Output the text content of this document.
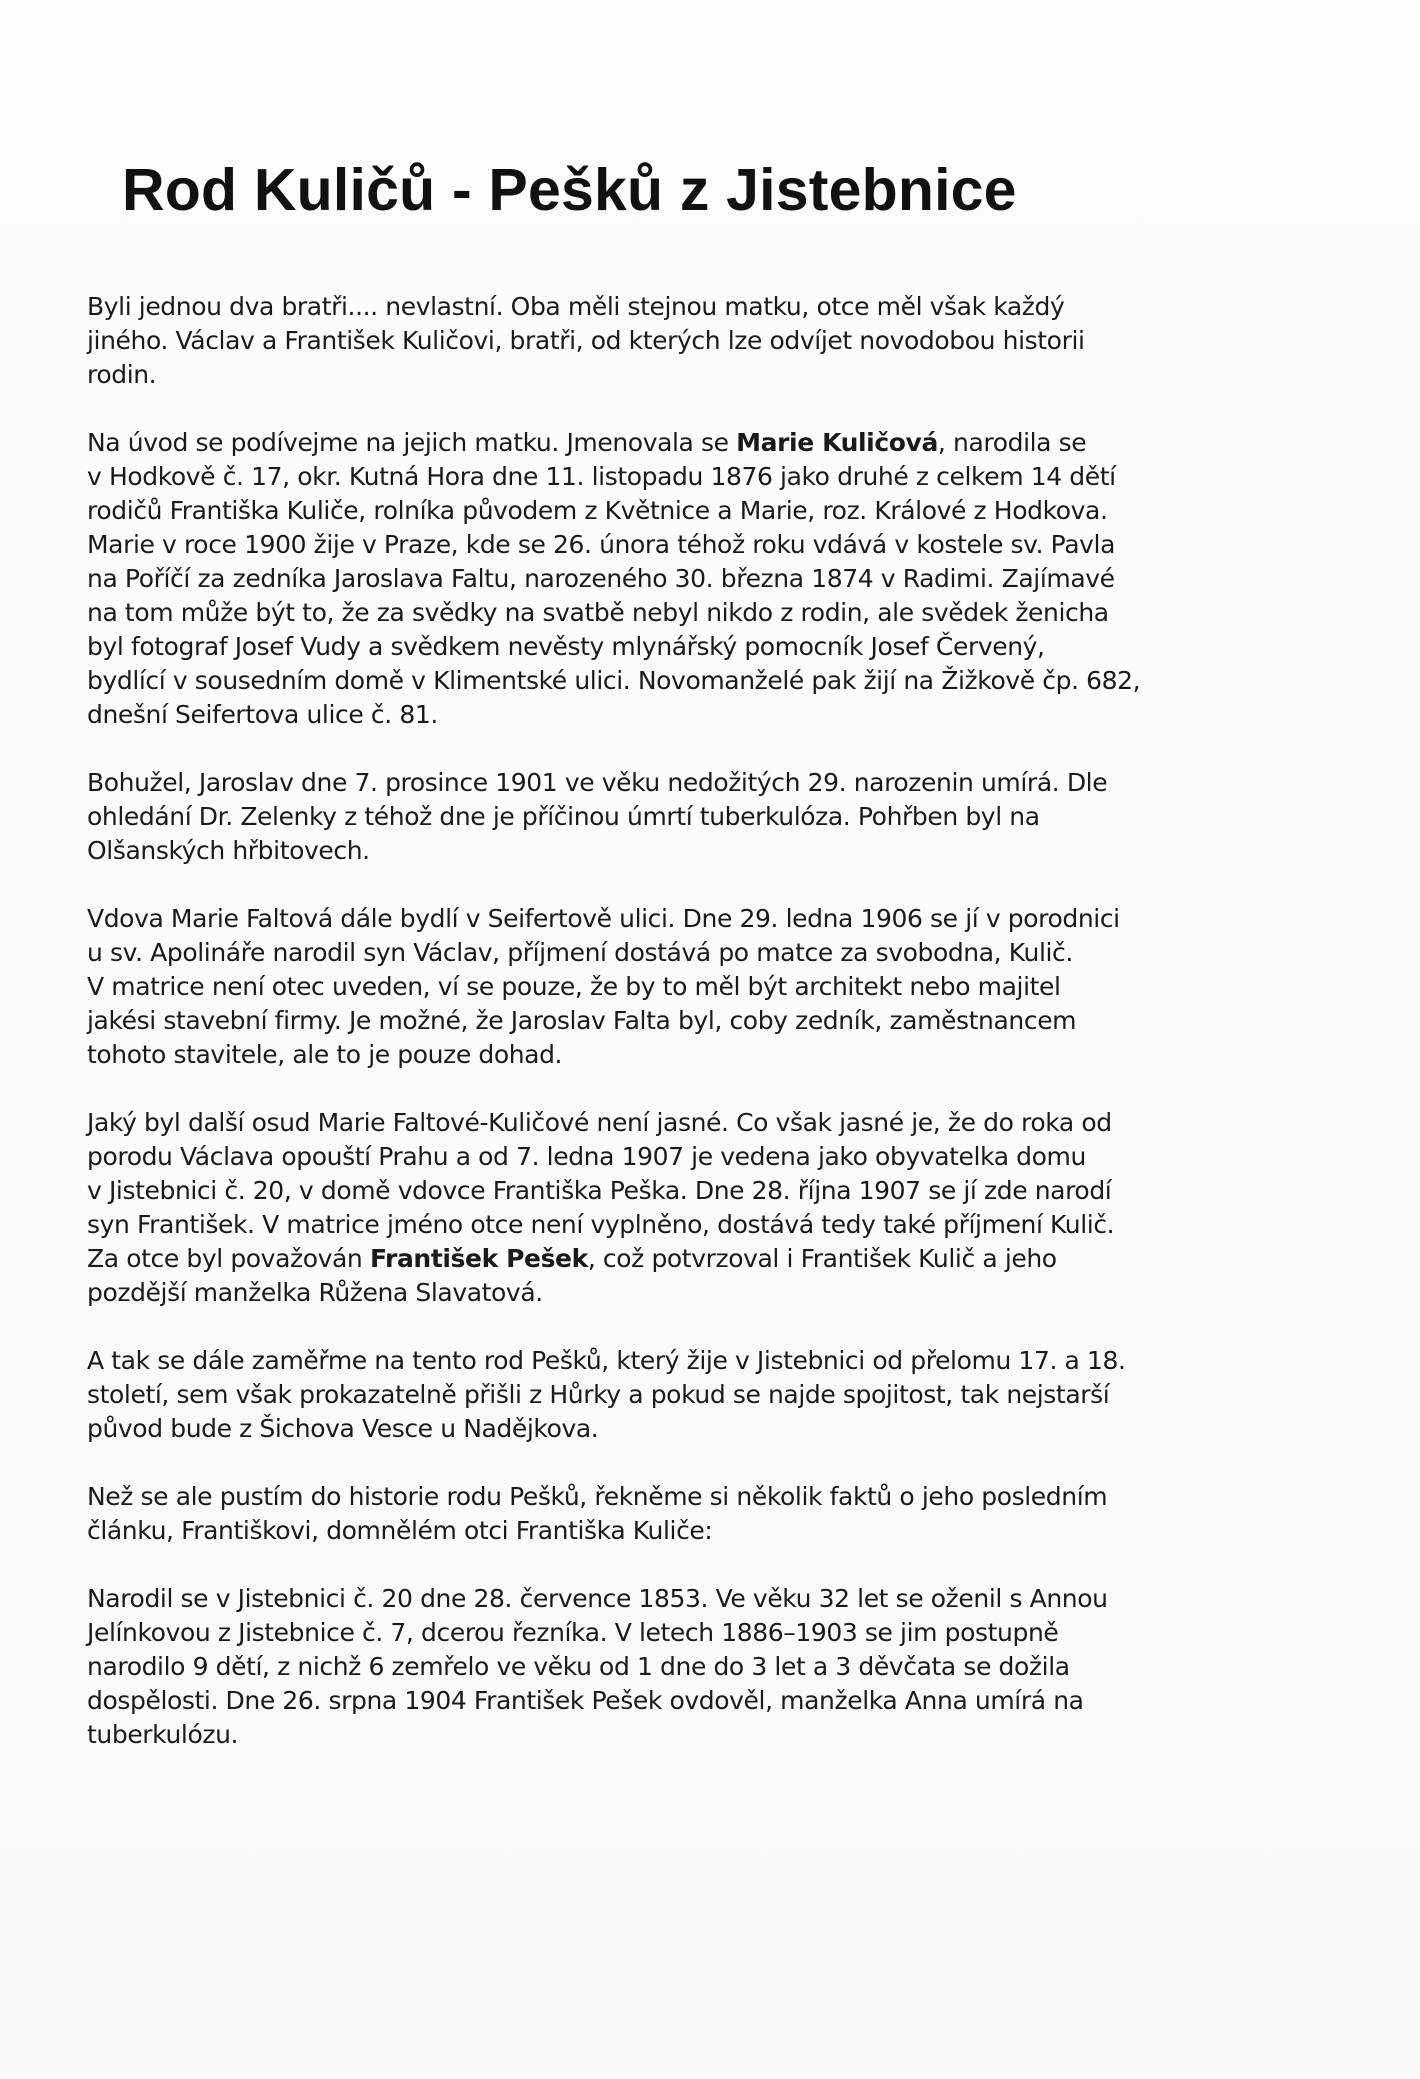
Rod Kuličů - Pešků z Jistebnice

Byli jednou dva bratři.... nevlastní. Oba měli stejnou matku, otce měl však každý
jiného. Václav a František Kuličovi, bratři, od kterých lze odvíjet novodobou historii
rodin.

Na úvod se podívejme na jejich matku. Jmenovala se Marie Kuličová, narodila se
v Hodkově č. 17, okr. Kutná Hora dne 11. listopadu 1876 jako druhé z celkem 14 dětí
rodičů Františka Kuliče, rolníka původem z Květnice a Marie, roz. Králové z Hodkova.
Marie v roce 1900 žije v Praze, kde se 26. února téhož roku vdává v kostele sv. Pavla
na Poříčí za zedníka Jaroslava Faltu, narozeného 30. března 1874 v Radimi. Zajímavé
na tom může být to, že za svědky na svatbě nebyl nikdo z rodin, ale svědek ženicha
byl fotograf Josef Vudy a svědkem nevěsty mlynářský pomocník Josef Červený,
bydlící v sousedním domě v Klimentské ulici. Novomanželé pak žijí na Žižkově čp. 682,
dnešní Seifertova ulice č. 81.

Bohužel, Jaroslav dne 7. prosince 1901 ve věku nedožitých 29. narozenin umírá. Dle
ohledání Dr. Zelenky z téhož dne je příčinou úmrtí tuberkulóza. Pohřben byl na
Olšanských hřbitovech.

Vdova Marie Faltová dále bydlí v Seifertově ulici. Dne 29. ledna 1906 se jí v porodnici
u sv. Apolináře narodil syn Václav, příjmení dostává po matce za svobodna, Kulič.
V matrice není otec uveden, ví se pouze, že by to měl být architekt nebo majitel
jakési stavební firmy. Je možné, že Jaroslav Falta byl, coby zedník, zaměstnancem
tohoto stavitele, ale to je pouze dohad.

Jaký byl další osud Marie Faltové-Kuličové není jasné. Co však jasné je, že do roka od
porodu Václava opouští Prahu a od 7. ledna 1907 je vedena jako obyvatelka domu
v Jistebnici č. 20, v domě vdovce Františka Peška. Dne 28. října 1907 se jí zde narodí
syn František. V matrice jméno otce není vyplněno, dostává tedy také příjmení Kulič.
Za otce byl považován František Pešek, což potvrzoval i František Kulič a jeho
pozdější manželka Růžena Slavatová.

A tak se dále zaměřme na tento rod Pešků, který žije v Jistebnici od přelomu 17. a 18.
století, sem však prokazatelně přišli z Hůrky a pokud se najde spojitost, tak nejstarší
původ bude z Šichova Vesce u Nadějkova.

Než se ale pustím do historie rodu Pešků, řekněme si několik faktů o jeho posledním
článku, Františkovi, domnělém otci Františka Kuliče:

Narodil se v Jistebnici č. 20 dne 28. července 1853. Ve věku 32 let se oženil s Annou
Jelínkovou z Jistebnice č. 7, dcerou řezníka. V letech 1886–1903 se jim postupně
narodilo 9 dětí, z nichž 6 zemřelo ve věku od 1 dne do 3 let a 3 děvčata se dožila
dospělosti. Dne 26. srpna 1904 František Pešek ovdověl, manželka Anna umírá na
tuberkulózu.
